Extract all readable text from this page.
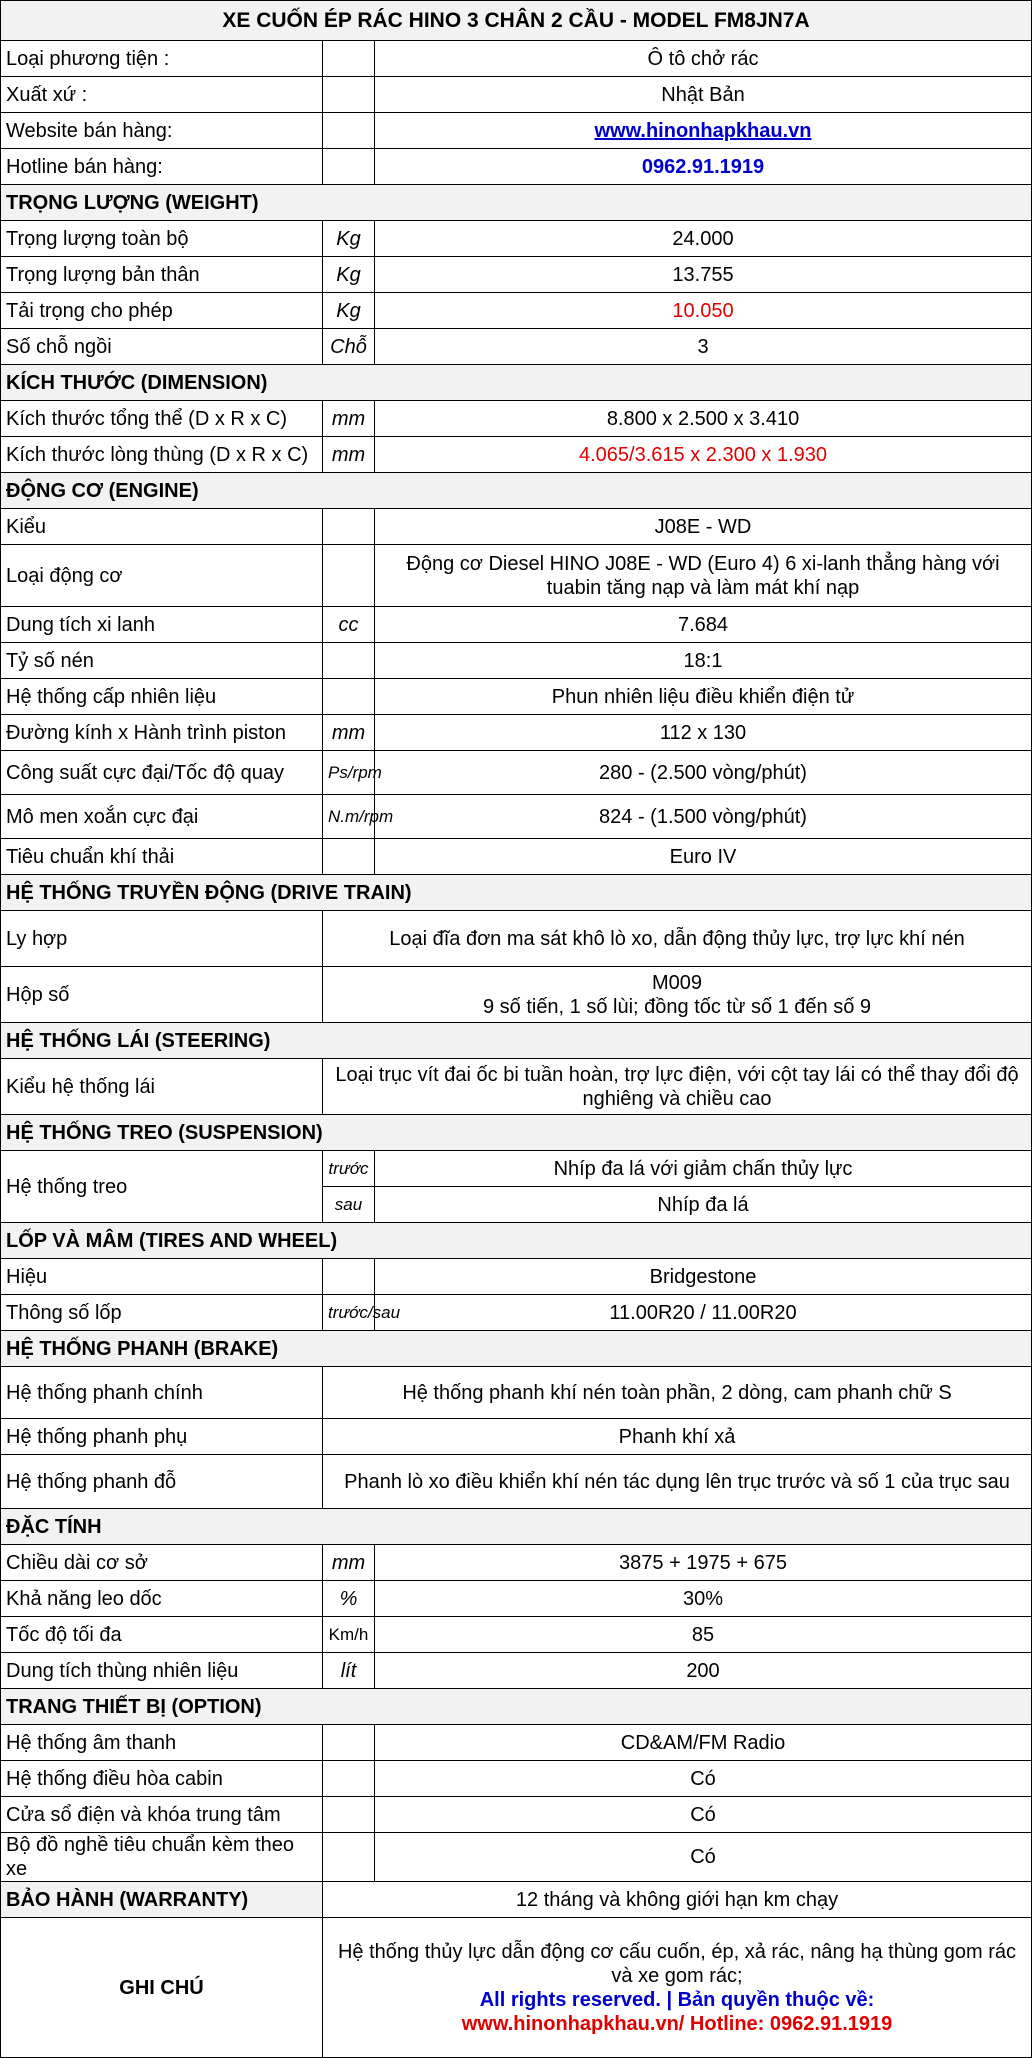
XE CUỐN ÉP RÁC HINO 3 CHÂN 2 CẦU - MODEL FM8JN7A		
Loại phương tiện :		Ô tô chở rác
Xuất xứ :		Nhật Bản
Website bán hàng:		www.hinonhapkhau.vn
Hotline bán hàng:		0962.91.1919
TRỌNG LƯỢNG (WEIGHT)		
Trọng lượng toàn bộ	Kg	24.000
Trọng lượng bản thân	Kg	13.755
Tải trọng cho phép	Kg	10.050
Số chỗ ngồi	Chỗ	3
KÍCH THƯỚC (DIMENSION)		
Kích thước tổng thể (D x R x C)	mm	8.800 x 2.500 x 3.410
Kích thước lòng thùng (D x R x C)	mm	4.065/3.615 x 2.300 x 1.930
ĐỘNG CƠ (ENGINE)		
Kiểu		J08E - WD
Loại động cơ		Động cơ Diesel HINO J08E - WD (Euro 4) 6 xi-lanh thẳng hàng với tuabin tăng nạp và làm mát khí nạp
Dung tích xi lanh	cc	7.684
Tỷ số nén		18:1
Hệ thống cấp nhiên liệu		Phun nhiên liệu điều khiển điện tử
Đường kính x Hành trình piston	mm	112 x 130
Công suất cực đại/Tốc độ quay	Ps/rpm	280 - (2.500 vòng/phút)
Mô men xoắn cực đại	N.m/rpm	824 - (1.500 vòng/phút)
Tiêu chuẩn khí thải		Euro IV
HỆ THỐNG TRUYỀN ĐỘNG (DRIVE TRAIN)		
Ly hợp	Loại đĩa đơn ma sát khô lò xo, dẫn động thủy lực, trợ lực khí nén	
Hộp số	M009
9 số tiến, 1 số lùi; đồng tốc từ số 1 đến số 9	

HỆ THỐNG LÁI (STEERING)		
Kiểu hệ thống lái	Loại trục vít đai ốc bi tuần hoàn, trợ lực điện, với cột tay lái có thể thay đổi độ nghiêng và chiều cao	
HỆ THỐNG TREO (SUSPENSION)		
Hệ thống treo	trước	Nhíp đa lá với giảm chấn thủy lực
	sau	Nhíp đa lá
LỐP VÀ MÂM (TIRES AND WHEEL)		
Hiệu		Bridgestone
Thông số lốp	trước/sau	11.00R20 / 11.00R20
HỆ THỐNG PHANH (BRAKE)		
Hệ thống phanh chính	Hệ thống phanh khí nén toàn phần, 2 dòng, cam phanh chữ S	
Hệ thống phanh phụ	Phanh khí xả	
Hệ thống phanh đỗ	Phanh lò xo điều khiển khí nén tác dụng lên trục trước và số 1 của trục sau	
ĐẶC TÍNH		
Chiều dài cơ sở	mm	3875 + 1975 + 675
Khả năng leo dốc	%	30%
Tốc độ tối đa	Km/h	85
Dung tích thùng nhiên liệu	lít	200
TRANG THIẾT BỊ (OPTION)		
Hệ thống âm thanh		CD&AM/FM Radio
Hệ thống điều hòa cabin		Có
Cửa sổ điện và khóa trung tâm		Có
Bộ đồ nghề tiêu chuẩn kèm theo xe		Có
BẢO HÀNH (WARRANTY)	12 tháng và không giới hạn km chạy	
GHI CHÚ	Hệ thống thủy lực dẫn động cơ cấu cuốn, ép, xả rác, nâng hạ thùng gom rác và xe gom rác;
All rights reserved. | Bản quyền thuộc về:
www.hinonhapkhau.vn/ Hotline: 0962.91.1919	
